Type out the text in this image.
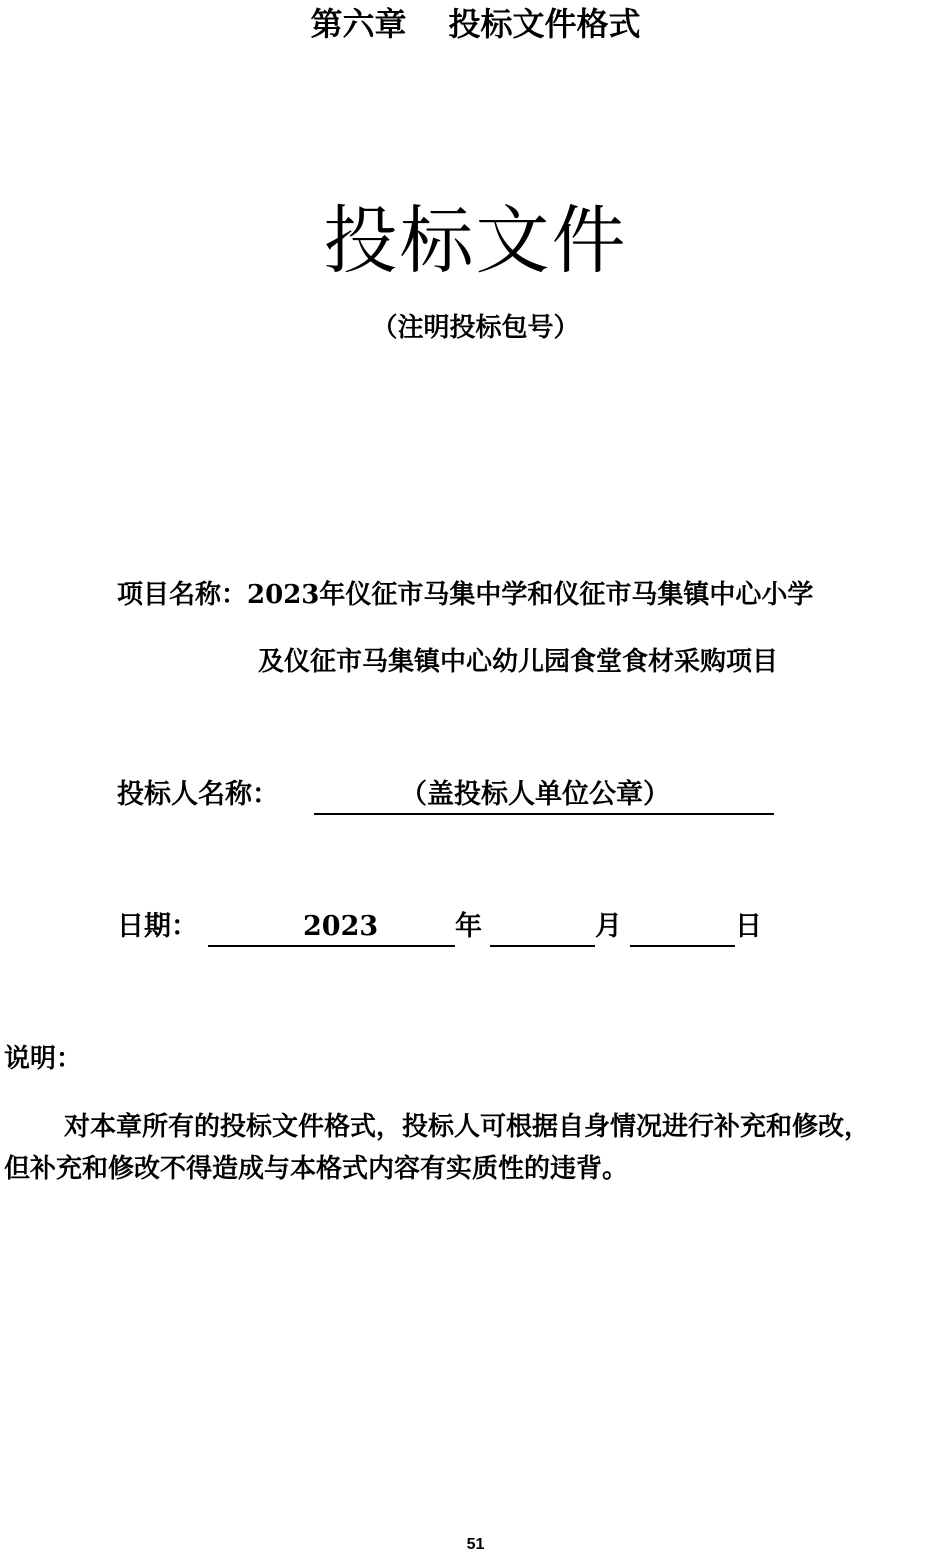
第六章 投标文件格式
投标文件
（注明投标包号）
项目名称：2023年仪征市马集中学和仪征市马集镇中心小学
及仪征市马集镇中心幼儿园食堂食材采购项目
投标人名称：	（盖投标人单位公章）
日期：	2023	年	月	日
说明：
对本章所有的投标文件格式，投标人可根据自身情况进行补充和修改，
但补充和修改不得造成与本格式内容有实质性的违背。
51
